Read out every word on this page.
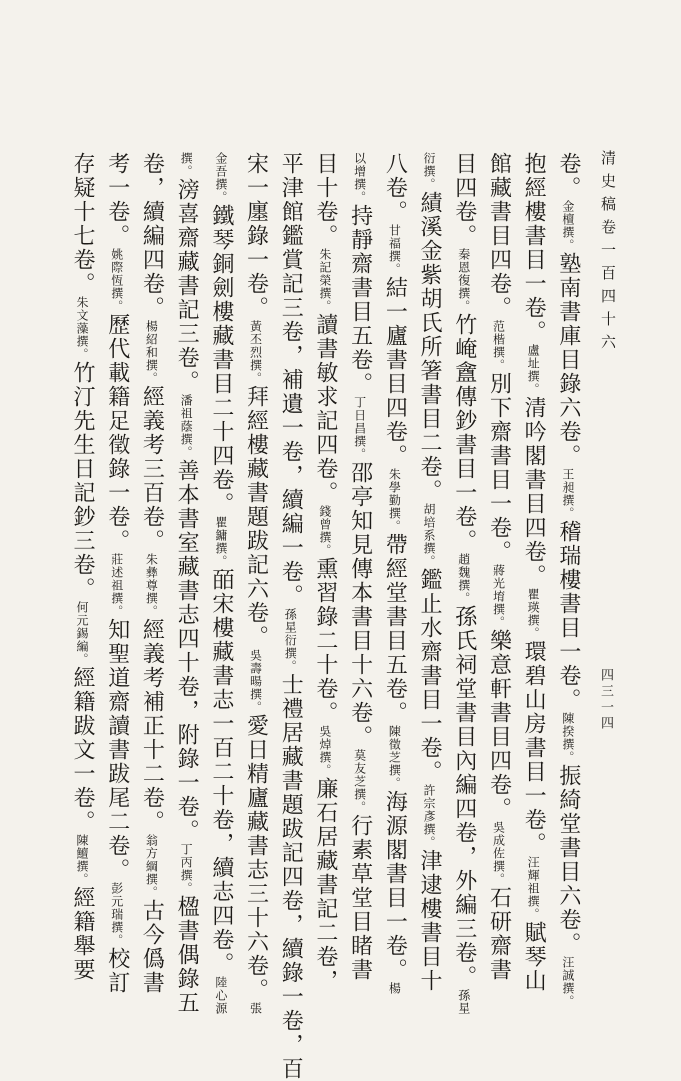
清史稿卷一百四十六
四三一四
卷。金檀撰。塾南書庫目錄六卷。王昶撰。稽瑞樓書目一卷。陳揆撰。振綺堂書目六卷。汪誠撰。
抱經樓書目一卷。盧址撰。清吟閣書目四卷。瞿瑛撰。環碧山房書目一卷。汪輝祖撰。賦琴山
館藏書目四卷。范楷撰。別下齋書目一卷。蔣光堉撰。樂意軒書目四卷。吳成佐撰。石研齋書
目四卷。秦恩復撰。竹崦盦傳鈔書目一卷。趙魏撰。孫氏祠堂書目內編四卷，外編三卷。孫星
衍撰。績溪金紫胡氏所箸書目二卷。胡培系撰。鑑止水齋書目一卷。許宗彥撰。津逮樓書目十
八卷。甘福撰。結一廬書目四卷。朱學勤撰。帶經堂書目五卷。陳徵芝撰。海源閣書目一卷。楊
以增撰。持靜齋書目五卷。丁日昌撰。邵亭知見傳本書目十六卷。莫友芝撰。行素草堂目睹書
目十卷。朱記榮撰。讀書敏求記四卷。錢曾撰。熏習錄二十卷。吳焯撰。廉石居藏書記二卷，
平津館鑑賞記三卷，補遺一卷，續編一卷。孫星衍撰。士禮居藏書題跋記四卷，續錄一卷，百
宋一廛錄一卷。黃丕烈撰。拜經樓藏書題跋記六卷。吳壽暘撰。愛日精廬藏書志三十六卷。張
金吾撰。鐵琴銅劍樓藏書目二十四卷。瞿鏞撰。皕宋樓藏書志一百二十卷，續志四卷。陸心源
撰。滂喜齋藏書記三卷。潘祖蔭撰。善本書室藏書志四十卷，附錄一卷。丁丙撰。楹書偶錄五
卷，續編四卷。楊紹和撰。經義考三百卷。朱彝尊撰。經義考補正十二卷。翁方綱撰。古今僞書
考一卷。姚際恆撰。歷代載籍足徵錄一卷。莊述祖撰。知聖道齋讀書跋尾二卷。彭元瑞撰。校訂
存疑十七卷。朱文藻撰。竹汀先生日記鈔三卷。何元錫編。經籍跋文一卷。陳鱣撰。經籍舉要
